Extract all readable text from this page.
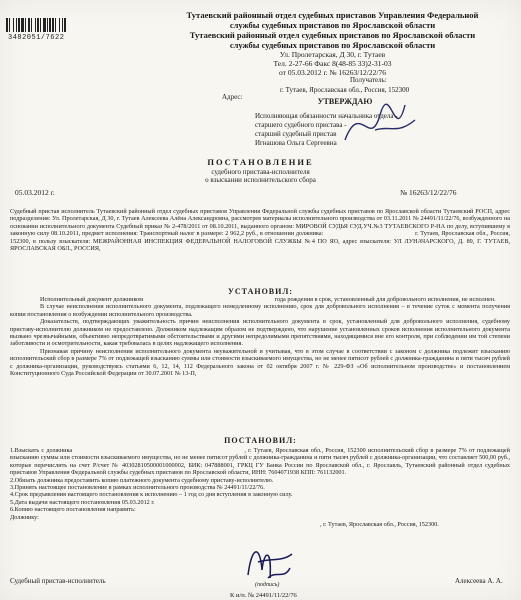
3482051/7622
Тутаевский районный отдел судебных приставов Управления Федеральной
службы судебных приставов по Ярославской области
Тутаевский районный отдел судебных приставов по Ярославской области
службы судебных приставов по Ярославской области
Ул. Пролетарская, Д 30, г. Тутаев
Тел. 2-27-66 Факс 8(48-85 33)2-31-03
от 05.03.2012 г. № 16263/12/22/76
Получатель:
г. Тутаев, Ярославская обл., Россия, 152300
Адрес:	УТВЕРЖДАЮ
Исполняющая обязанности начальника отдела - старшего судебного пристава -
старший судебный пристав
Игнашова Ольга Сергеевна
ПОСТАНОВЛЕНИЕ
судебного пристава-исполнителя
о взыскании исполнительского сбора
05.03.2012 г.	№ 16263/12/22/76
Судебный пристав исполнитель Тутаевский районный отдел судебных приставов Управления Федеральной службы судебных приставов по Ярославской области Тутаевский РОСП, адрес подразделения: Ул. Пролетарская, Д 30, г. Тутаев Алексеева Алёна Александровна, рассмотрев материалы исполнительного производства от 03.11.2011 № 24491/11/22/76, возбужденного на основании исполнительного документа Судебный приказ № 2-478/2011 от 08.10.2011, выданного органом: МИРОВОЙ СУДЬЯ СУД.УЧ.№3 ТУТАЕВСКОГО Р-НА по делу, вступившему в законную силу 08.10.2011, предмет исполнения: Транспортный налог в размере: 2 962,2 руб., в отношении должника:	г. Тутаев, Ярославская обл., Россия, 152300, в пользу взыскателя: МЕЖРАЙОННАЯ ИНСПЕКЦИЯ ФЕДЕРАЛЬНОЙ НАЛОГОВОЙ СЛУЖБЫ №4 ПО ЯО, адрес взыскателя: УЛ ЛУНАЧАРСКОГО, Д. 89, Г. ТУТАЕВ, ЯРОСЛАВСКАЯ ОБЛ., РОССИЯ,
УСТАНОВИЛ:
Исполнительный документ должником	года рождения в срок, установленный для добровольного исполнения, не исполнен.
В случае неисполнения исполнительного документа, подлежащего немедленному исполнению, срок для добровольного исполнения – в течение суток с момента получения копии постановления о возбуждении исполнительного производства.
Доказательств, подтверждающих уважительность причин неисполнения исполнительного документа в срок, установленный для добровольного исполнения, судебному приставу-исполнителю должником не предоставлено. Должником надлежащим образом не подтверждено, что нарушение установленных сроков исполнения исполнительного документа вызвано чрезвычайными, объективно непредотвратимыми обстоятельствами и другими непредолимыми препятствиями, находящимися вне его контроля, при соблюдении им той степени заботливости и осмотрительности, какая требовалась в целях надлежащего исполнения.
Признавая причину неисполнения исполнительного документа неуважительной и учитывая, что в этом случае в соответствии с законом с должника подлежит взысканию исполнительский сбор в размере 7% от подлежащей взысканию суммы или стоимости взыскиваемого имущества, но не менее пятисот рублей с должника-гражданина и пяти тысяч рублей с должника-организации, руководствуясь статьями 6, 12, 14, 112 Федерального закона от 02 октября 2007 г. № 229-ФЗ «Об исполнительном производстве» и постановлением Конституционного Суда Российской Федерации от 30.07.2001 № 13-П,
ПОСТАНОВИЛ:
1.Взыскать с должника	, г. Тутаев, Ярославская обл., Россия, 152300 исполнительский сбор в размере 7% от подлежащей взысканию суммы или стоимости взыскиваемого имущества, но не менее пятисот рублей с должника-гражданина и пяти тысяч рублей с должника-организации, что составляет 500,00 руб., которые перечислить на счет Р/счет № 40302810500001000002, БИК: 047888001, ГРКЦ ГУ Банка России по Ярославской обл., г. Ярославль, Тутаевский районный отдел судебных приставов Управления Федеральной службы судебных приставов по Ярославской области, ИНН: 7604071938 КПП: 761132001.
2.Обязать должника предоставить копию платежного документа судебному приставу-исполнителю.
3.Принять настоящее постановление в рамках исполнительного производства № 24491/11/22/76.
4.Срок предъявления настоящего постановления к исполнению – 1 год со дня вступления в законную силу.
5.Дата выдачи настоящего постановления 05.03.2012 г.
6.Копию настоящего постановления направить:
Должнику:
, г. Тутаев, Ярославская обл., Россия, 152300.
Судебный пристав-исполнитель	(подпись)	Алексеева А. А.
К и/п. № 24491/11/22/76
